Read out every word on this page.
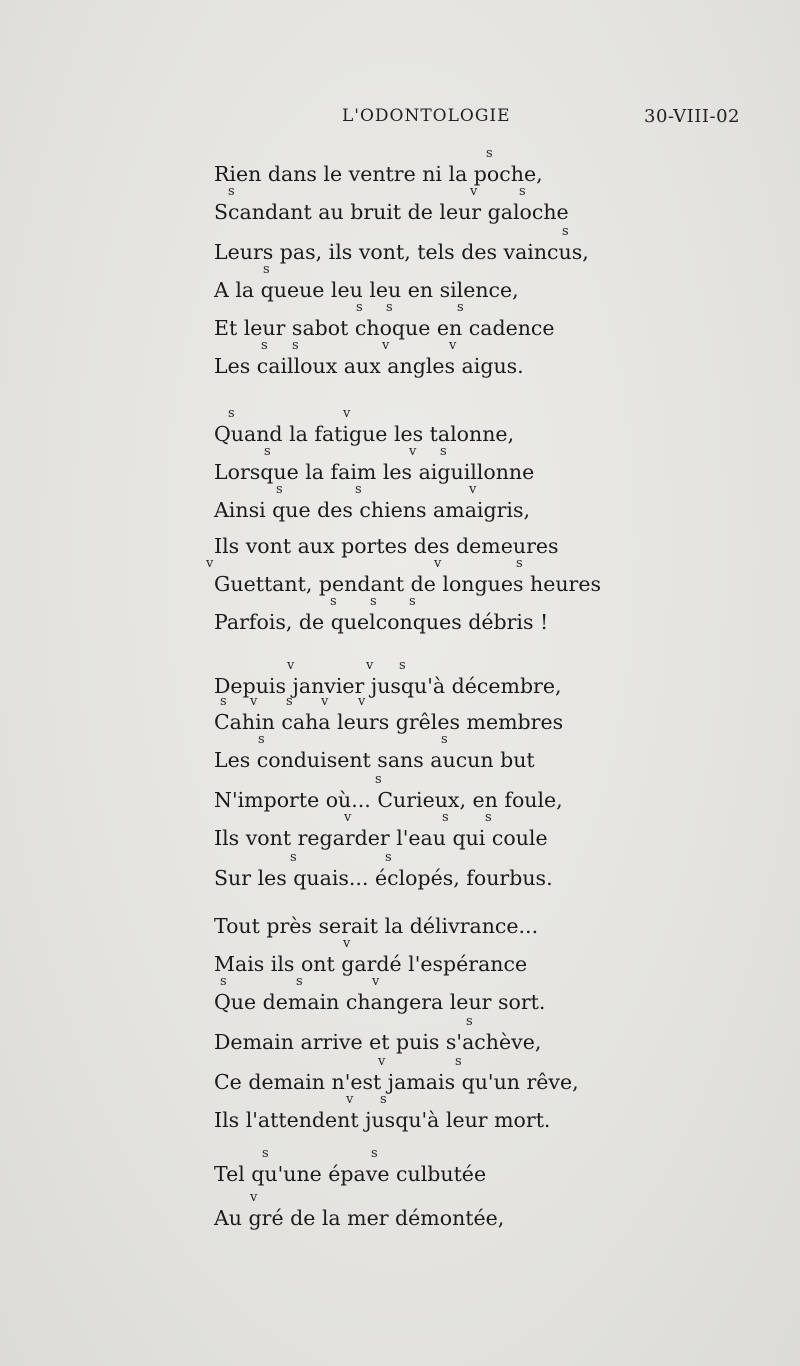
L'ODONTOLOGIE	30-VIII-02
Rien dans le ventre ni la poche,
s
Scandant au bruit de leur galoche
s	v	s
Leurs pas, ils vont, tels des vaincus,
s
A la queue leu leu en silence,
s
Et leur sabot choque en cadence
s s	s
Les cailloux aux angles aigus.
s s	v	v
Quand la fatigue les talonne,
s	v
Lorsque la faim les aiguillonne
s	v s
Ainsi que des chiens amaigris,
s	s	v
Ils vont aux portes des demeures
Guettant, pendant de longues heures
v	v	s
Parfois, de quelconques débris !
s	s s
Depuis janvier jusqu'à décembre,
v	v s
Cahin caha leurs grêles membres
s v s v v
Les conduisent sans aucun but
s	s
N'importe où... Curieux, en foule,
s
Ils vont regarder l'eau qui coule
v	s	s
Sur les quais... éclopés, fourbus.
s	s
Tout près serait la délivrance...
Mais ils ont gardé l'espérance
v
Que demain changera leur sort.
s	s	v
Demain arrive et puis s'achève,
s
Ce demain n'est jamais qu'un rêve,
v	s
Ils l'attendent jusqu'à leur mort.
v s
Tel qu'une épave culbutée
s	s
Au gré de la mer démontée,
v
